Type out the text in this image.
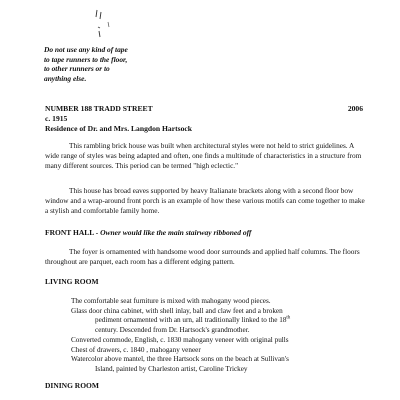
Do not use any kind of tape
to tape runners to the floor,
to other runners or to
anything else.
NUMBER 188 TRADD STREET	2006
c. 1915
Residence of Dr. and Mrs. Langdon Hartsock
This rambling brick house was built when architectural styles were not held to strict guidelines. A wide range of styles was being adapted and often, one finds a multitude of characteristics in a structure from many different sources. This period can be termed "high eclectic."
This house has broad eaves supported by heavy Italianate brackets along with a second floor bow window and a wrap-around front porch is an example of how these various motifs can come together to make a stylish and comfortable family home.
FRONT HALL - Owner would like the main stairway ribboned off
The foyer is ornamented with handsome wood door surrounds and applied half columns. The floors throughout are parquet, each room has a different edging pattern.
LIVING ROOM
The comfortable seat furniture is mixed with mahogany wood pieces.
Glass door china cabinet, with shell inlay, ball and claw feet and a broken
pediment ornamented with an urn, all traditionally linked to the 18th
century. Descended from Dr. Hartsock's grandmother.
Converted commode, English, c. 1830 mahogany veneer with original pulls
Chest of drawers, c. 1840 , mahogany veneer
Watercolor above mantel, the three Hartsock sons on the beach at Sullivan's
Island, painted by Charleston artist, Caroline Trickey
DINING ROOM
